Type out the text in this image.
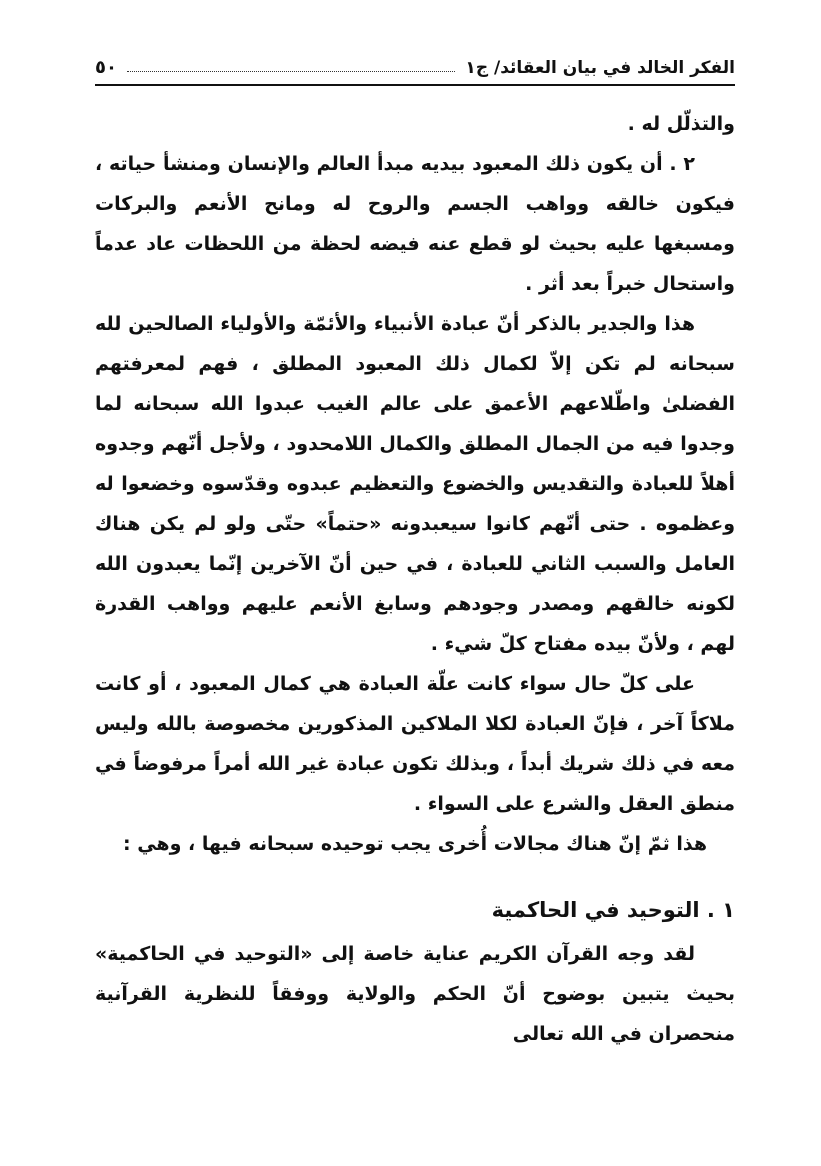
الفكر الخالد في بيان العقائد/ ج١
٥٠

والتذلّل له .

٢ . أن يكون ذلك المعبود بيديه مبدأ العالم والإنسان ومنشأ حياته ، فيكون خالقه وواهب الجسم والروح له ومانح الأنعم والبركات ومسبغها عليه بحيث لو قطع عنه فيضه لحظة من اللحظات عاد عدماً واستحال خبراً بعد أثر .

هذا والجدير بالذكر أنّ عبادة الأنبياء والأئمّة والأولياء الصالحين لله سبحانه لم تكن إلاّ لكمال ذلك المعبود المطلق ، فهم لمعرفتهم الفضلىٰ واطّلاعهم الأعمق على عالم الغيب عبدوا الله سبحانه لما وجدوا فيه من الجمال المطلق والكمال اللامحدود ، ولأجل أنّهم وجدوه أهلاً للعبادة والتقديس والخضوع والتعظيم عبدوه وقدّسوه وخضعوا له وعظموه . حتى أنّهم كانوا سيعبدونه «حتماً» حتّى ولو لم يكن هناك العامل والسبب الثاني للعبادة ، في حين أنّ الآخرين إنّما يعبدون الله لكونه خالقهم ومصدر وجودهم وسابغ الأنعم عليهم وواهب القدرة لهم ، ولأنّ بيده مفتاح كلّ شيء .

على كلّ حال سواء كانت علّة العبادة هي كمال المعبود ، أو كانت ملاكاً آخر ، فإنّ العبادة لكلا الملاكين المذكورين مخصوصة بالله وليس معه في ذلك شريك أبداً ، وبذلك تكون عبادة غير الله أمراً مرفوضاً في منطق العقل والشرع على السواء .

هذا ثمّ إنّ هناك مجالات أُخرى يجب توحيده سبحانه فيها ، وهي :

١ . التوحيد في الحاكمية

لقد وجه القرآن الكريم عناية خاصة إلى «التوحيد في الحاكمية» بحيث يتبين بوضوح أنّ الحكم والولاية ووفقاً للنظرية القرآنية منحصران في الله تعالى
